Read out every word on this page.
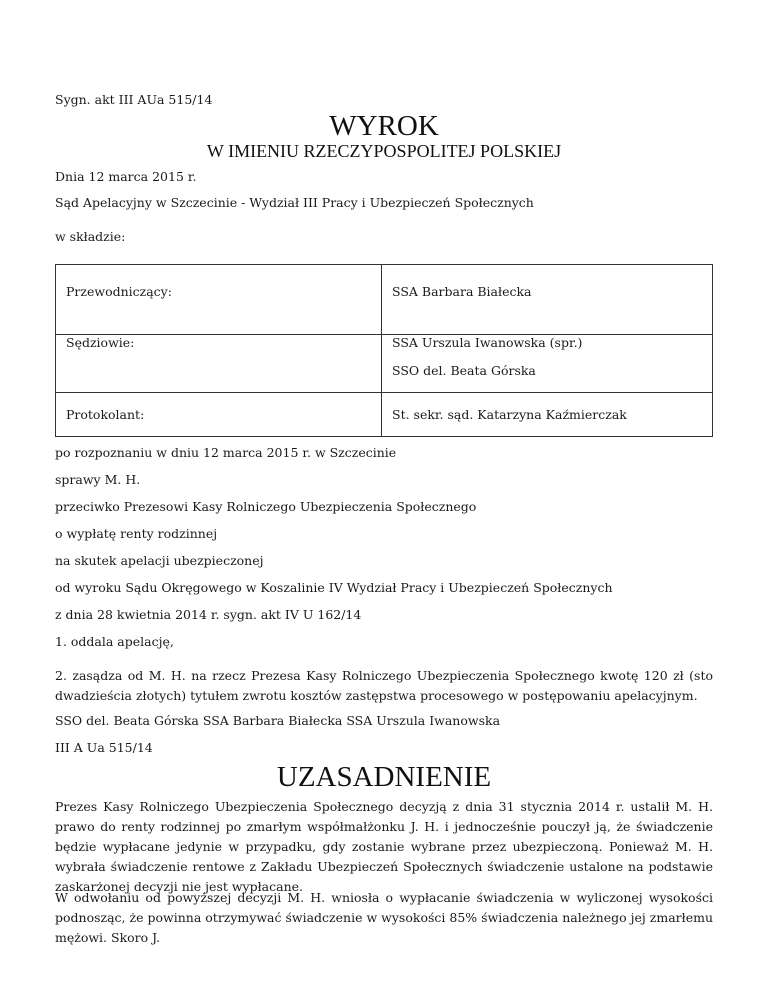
Sygn. akt III AUa 515/14
WYROK
W IMIENIU RZECZYPOSPOLITEJ POLSKIEJ
Dnia 12 marca 2015 r.
Sąd Apelacyjny w Szczecinie - Wydział III Pracy i Ubezpieczeń Społecznych
w składzie:
Przewodniczący:	SSA Barbara Białecka

Sędziowie:	SSA Urszula Iwanowska (spr.)
SSO del. Beata Górska

Protokolant:	St. sekr. sąd. Katarzyna Kaźmierczak
po rozpoznaniu w dniu 12 marca 2015 r. w Szczecinie
sprawy M. H.
przeciwko Prezesowi Kasy Rolniczego Ubezpieczenia Społecznego
o wypłatę renty rodzinnej
na skutek apelacji ubezpieczonej
od wyroku Sądu Okręgowego w Koszalinie IV Wydział Pracy i Ubezpieczeń Społecznych
z dnia 28 kwietnia 2014 r. sygn. akt IV U 162/14
1. oddala apelację,
2. zasądza od M. H. na rzecz Prezesa Kasy Rolniczego Ubezpieczenia Społecznego kwotę 120 zł (sto dwadzieścia złotych) tytułem zwrotu kosztów zastępstwa procesowego w postępowaniu apelacyjnym.
SSO del. Beata Górska SSA Barbara Białecka SSA Urszula Iwanowska
III A Ua 515/14
UZASADNIENIE
Prezes Kasy Rolniczego Ubezpieczenia Społecznego decyzją z dnia 31 stycznia 2014 r. ustalił M. H. prawo do renty rodzinnej po zmarłym współmałżonku J. H. i jednocześnie pouczył ją, że świadczenie będzie wypłacane jedynie w przypadku, gdy zostanie wybrane przez ubezpieczoną. Ponieważ M. H. wybrała świadczenie rentowe z Zakładu Ubezpieczeń Społecznych świadczenie ustalone na podstawie zaskarżonej decyzji nie jest wypłacane.
W odwołaniu od powyższej decyzji M. H. wniosła o wypłacanie świadczenia w wyliczonej wysokości podnosząc, że powinna otrzymywać świadczenie w wysokości 85% świadczenia należnego jej zmarłemu mężowi. Skoro J.
